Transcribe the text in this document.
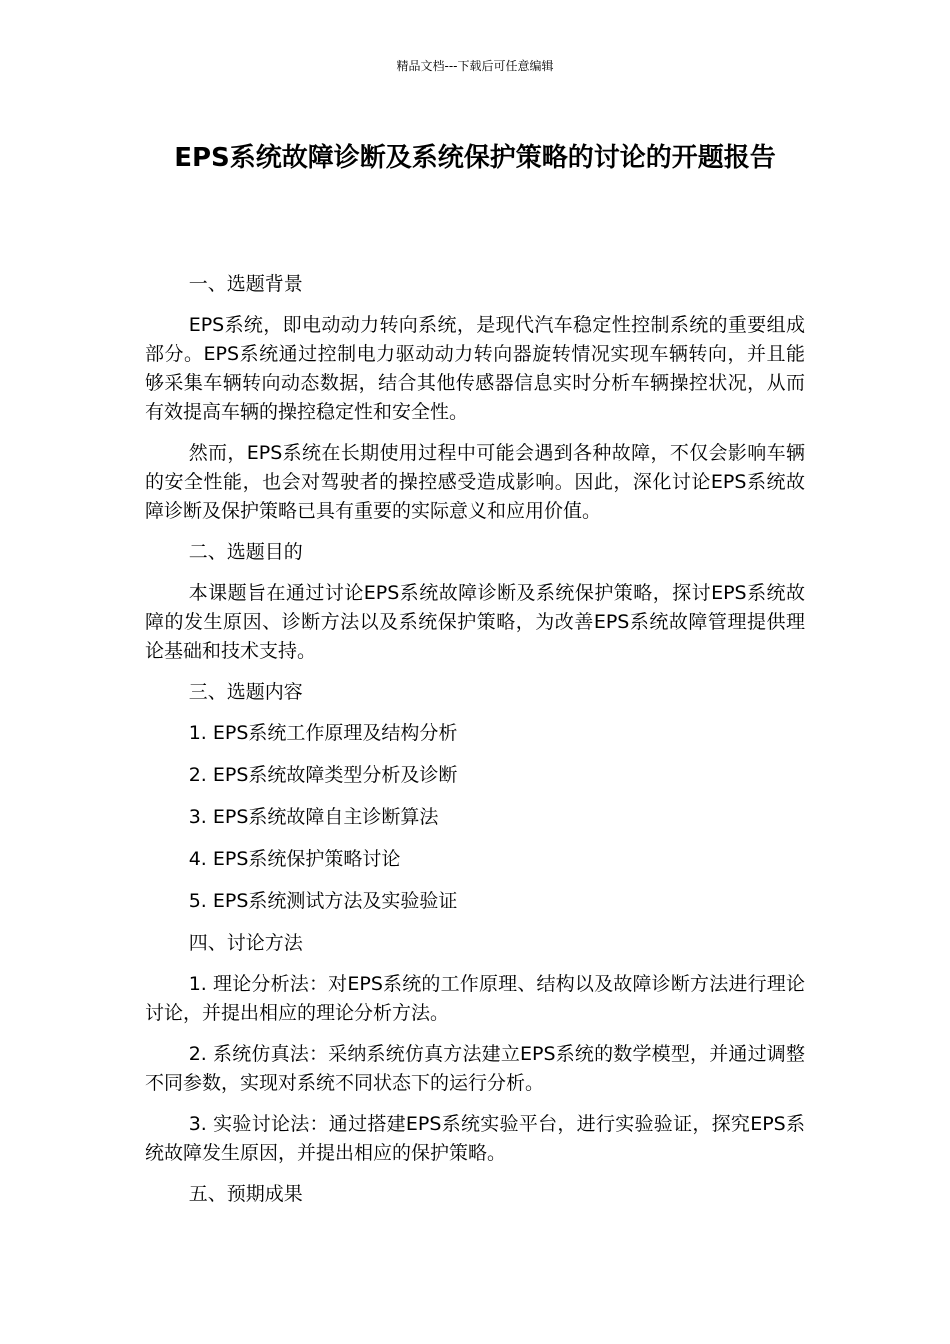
精品文档---下载后可任意编辑
EPS系统故障诊断及系统保护策略的讨论的开题报告

一、选题背景

EPS系统，即电动动力转向系统，是现代汽车稳定性控制系统的重要组成部分。EPS系统通过控制电力驱动动力转向器旋转情况实现车辆转向，并且能够采集车辆转向动态数据，结合其他传感器信息实时分析车辆操控状况，从而有效提高车辆的操控稳定性和安全性。

然而，EPS系统在长期使用过程中可能会遇到各种故障，不仅会影响车辆的安全性能，也会对驾驶者的操控感受造成影响。因此，深化讨论EPS系统故障诊断及保护策略已具有重要的实际意义和应用价值。

二、选题目的

本课题旨在通过讨论EPS系统故障诊断及系统保护策略，探讨EPS系统故障的发生原因、诊断方法以及系统保护策略，为改善EPS系统故障管理提供理论基础和技术支持。

三、选题内容

1. EPS系统工作原理及结构分析

2. EPS系统故障类型分析及诊断

3. EPS系统故障自主诊断算法

4. EPS系统保护策略讨论

5. EPS系统测试方法及实验验证

四、讨论方法

1. 理论分析法：对EPS系统的工作原理、结构以及故障诊断方法进行理论讨论，并提出相应的理论分析方法。

2. 系统仿真法：采纳系统仿真方法建立EPS系统的数学模型，并通过调整不同参数，实现对系统不同状态下的运行分析。

3. 实验讨论法：通过搭建EPS系统实验平台，进行实验验证，探究EPS系统故障发生原因，并提出相应的保护策略。

五、预期成果
